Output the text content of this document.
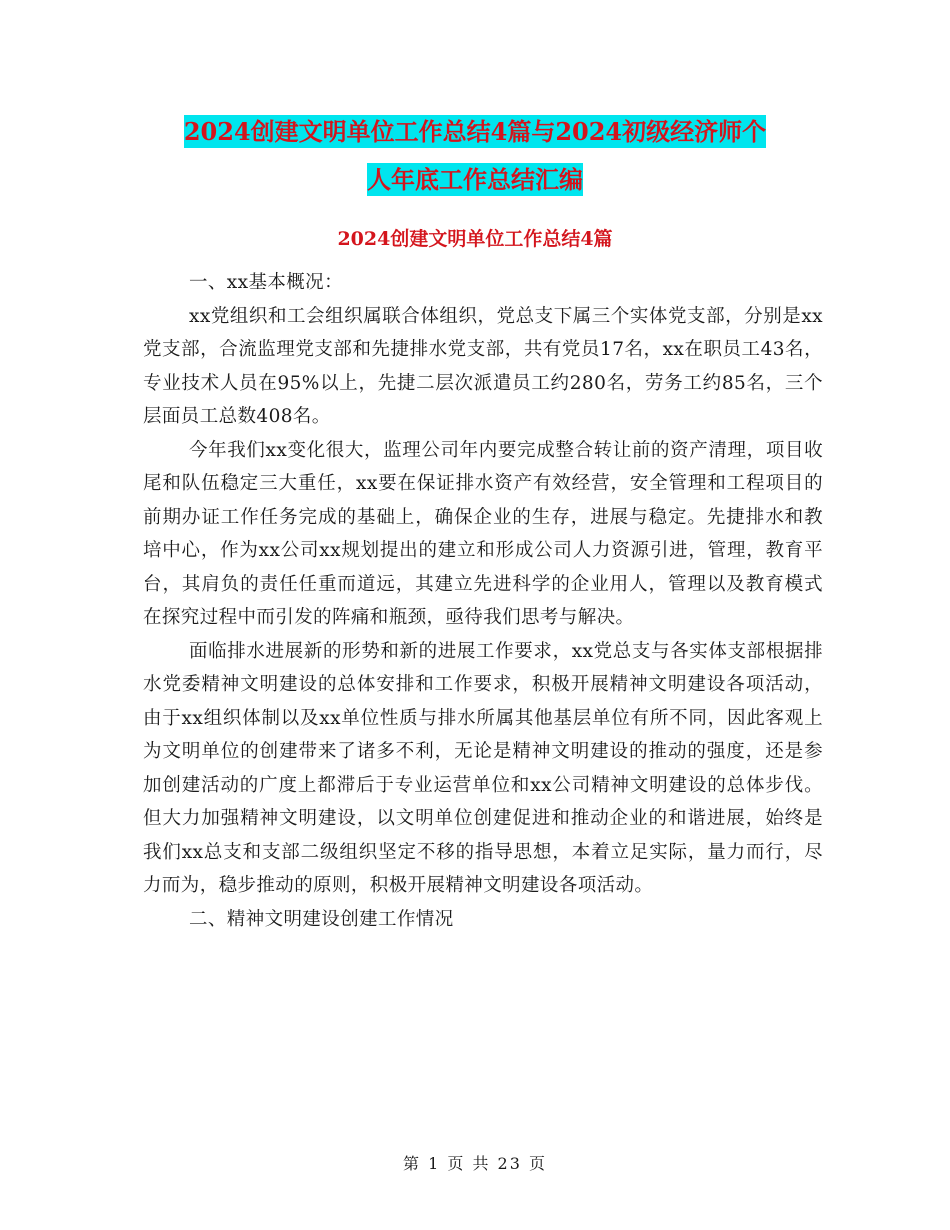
2024创建文明单位工作总结4篇与2024初级经济师个
人年底工作总结汇编
2024创建文明单位工作总结4篇

一、xx基本概况：

xx党组织和工会组织属联合体组织，党总支下属三个实体党支部，分别是xx党支部，合流监理党支部和先捷排水党支部，共有党员17名，xx在职员工43名，专业技术人员在95%以上，先捷二层次派遣员工约280名，劳务工约85名，三个层面员工总数408名。

今年我们xx变化很大，监理公司年内要完成整合转让前的资产清理，项目收尾和队伍稳定三大重任，xx要在保证排水资产有效经营，安全管理和工程项目的前期办证工作任务完成的基础上，确保企业的生存，进展与稳定。先捷排水和教培中心，作为xx公司xx规划提出的建立和形成公司人力资源引进，管理，教育平台，其肩负的责任任重而道远，其建立先进科学的企业用人，管理以及教育模式在探究过程中而引发的阵痛和瓶颈，亟待我们思考与解决。

面临排水进展新的形势和新的进展工作要求，xx党总支与各实体支部根据排水党委精神文明建设的总体安排和工作要求，积极开展精神文明建设各项活动，由于xx组织体制以及xx单位性质与排水所属其他基层单位有所不同，因此客观上为文明单位的创建带来了诸多不利，无论是精神文明建设的推动的强度，还是参加创建活动的广度上都滞后于专业运营单位和xx公司精神文明建设的总体步伐。但大力加强精神文明建设，以文明单位创建促进和推动企业的和谐进展，始终是我们xx总支和支部二级组织坚定不移的指导思想，本着立足实际，量力而行，尽力而为，稳步推动的原则，积极开展精神文明建设各项活动。

二、精神文明建设创建工作情况

第 1 页 共 23 页
